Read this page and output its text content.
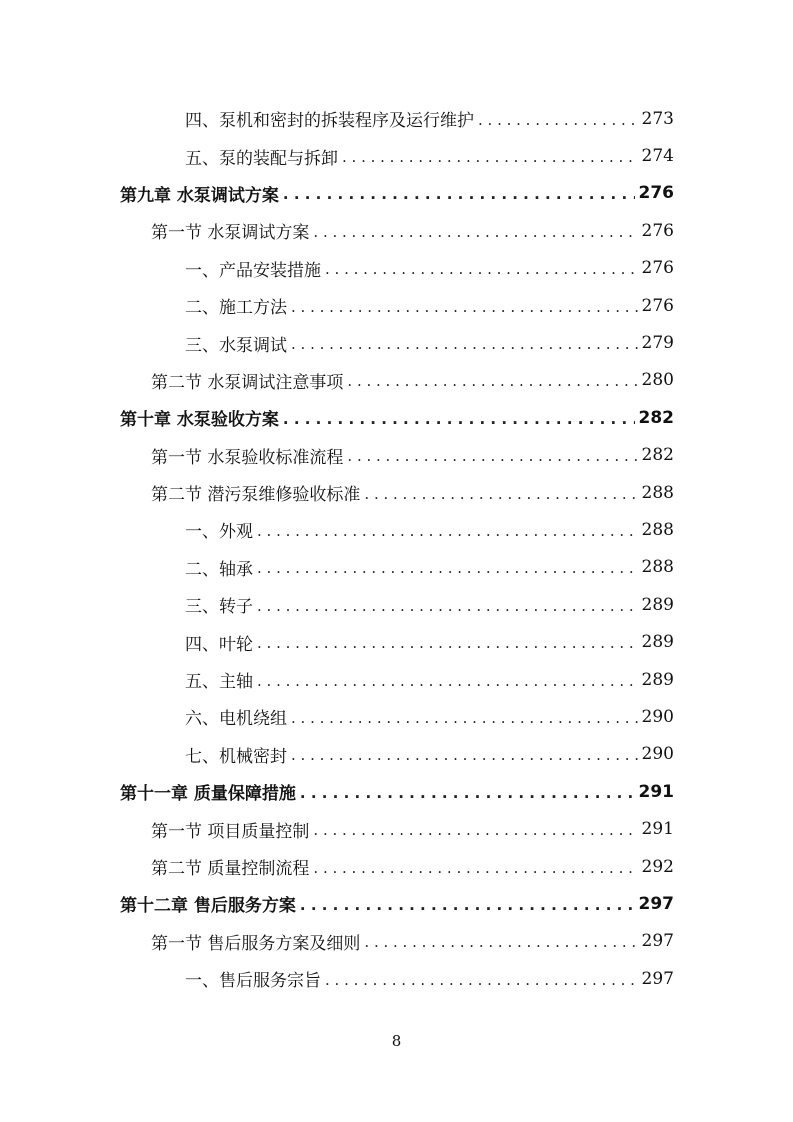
四、泵机和密封的拆装程序及运行维护 . . .	273
五、泵的装配与拆卸 . . .	274
第九章 水泵调试方案 . . .	276
第一节 水泵调试方案 . . .	276
一、产品安装措施 . . .	276
二、施工方法 . . .	276
三、水泵调试 . . .	279
第二节 水泵调试注意事项 . . .	280
第十章 水泵验收方案 . . .	282
第一节 水泵验收标准流程 . . .	282
第二节 潜污泵维修验收标准 . . .	288
一、外观 . . .	288
二、轴承 . . .	288
三、转子 . . .	289
四、叶轮 . . .	289
五、主轴 . . .	289
六、电机绕组 . . .	290
七、机械密封 . . .	290
第十一章 质量保障措施 . . .	291
第一节 项目质量控制 . . .	291
第二节 质量控制流程 . . .	292
第十二章 售后服务方案 . . .	297
第一节 售后服务方案及细则 . . .	297
一、售后服务宗旨 . . .	297
8
